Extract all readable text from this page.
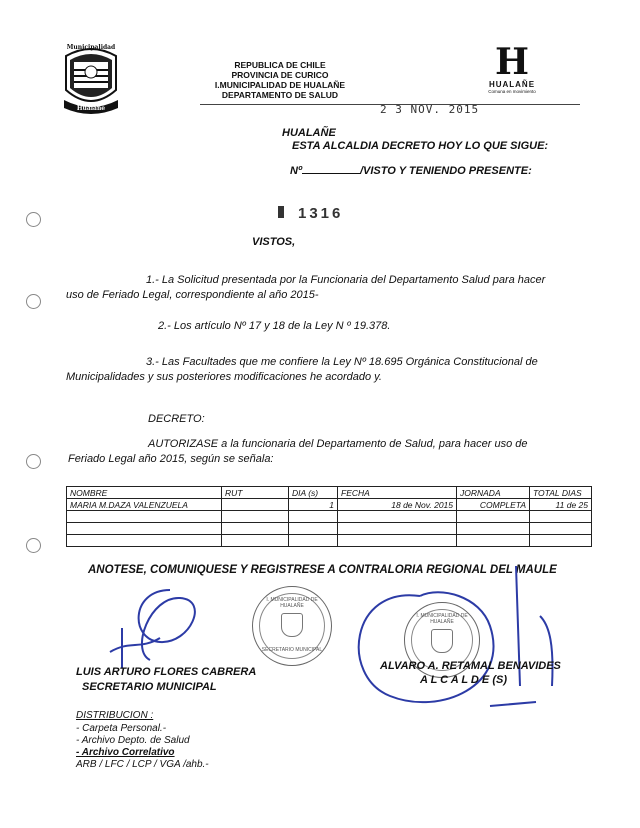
Municipalidad
Hualañe
REPUBLICA DE CHILE
PROVINCIA DE CURICO
I.MUNICIPALIDAD DE HUALAÑE
DEPARTAMENTO DE SALUD
H
HUALAÑE
Comuna en movimiento
2 3 NOV. 2015
HUALAÑE
ESTA ALCALDIA DECRETO HOY LO QUE SIGUE:
Nº	/VISTO Y TENIENDO PRESENTE:
1316
VISTOS,
1.- La Solicitud presentada por la Funcionaria del Departamento Salud para hacer
uso de Feriado Legal, correspondiente al año 2015-
2.- Los artículo Nº 17 y 18 de la Ley N º 19.378.
3.- Las Facultades que me confiere la Ley Nº 18.695 Orgánica Constitucional de
Municipalidades y sus posteriores modificaciones he acordado y.
DECRETO:
AUTORIZASE a la funcionaria del Departamento de Salud, para hacer uso de
Feriado Legal año 2015, según se señala:
NOMBRE	RUT	DIA (s)	FECHA	JORNADA	TOTAL DIAS
MARIA M.DAZA VALENZUELA		1	18 de Nov. 2015	COMPLETA	11 de 25

ANOTESE, COMUNIQUESE Y REGISTRESE A CONTRALORIA REGIONAL DEL MAULE
I. MUNICIPALIDAD DE HUALAÑE
SECRETARIO MUNICIPAL
I. MUNICIPALIDAD DE HUALAÑE
LUIS ARTURO FLORES CABRERA
SECRETARIO MUNICIPAL
ALVARO A. RETAMAL BENAVIDES
A L C A L D E (S)
DISTRIBUCION :
- Carpeta Personal.-
- Archivo Depto. de Salud
- Archivo Correlativo
ARB / LFC / LCP / VGA /ahb.-
